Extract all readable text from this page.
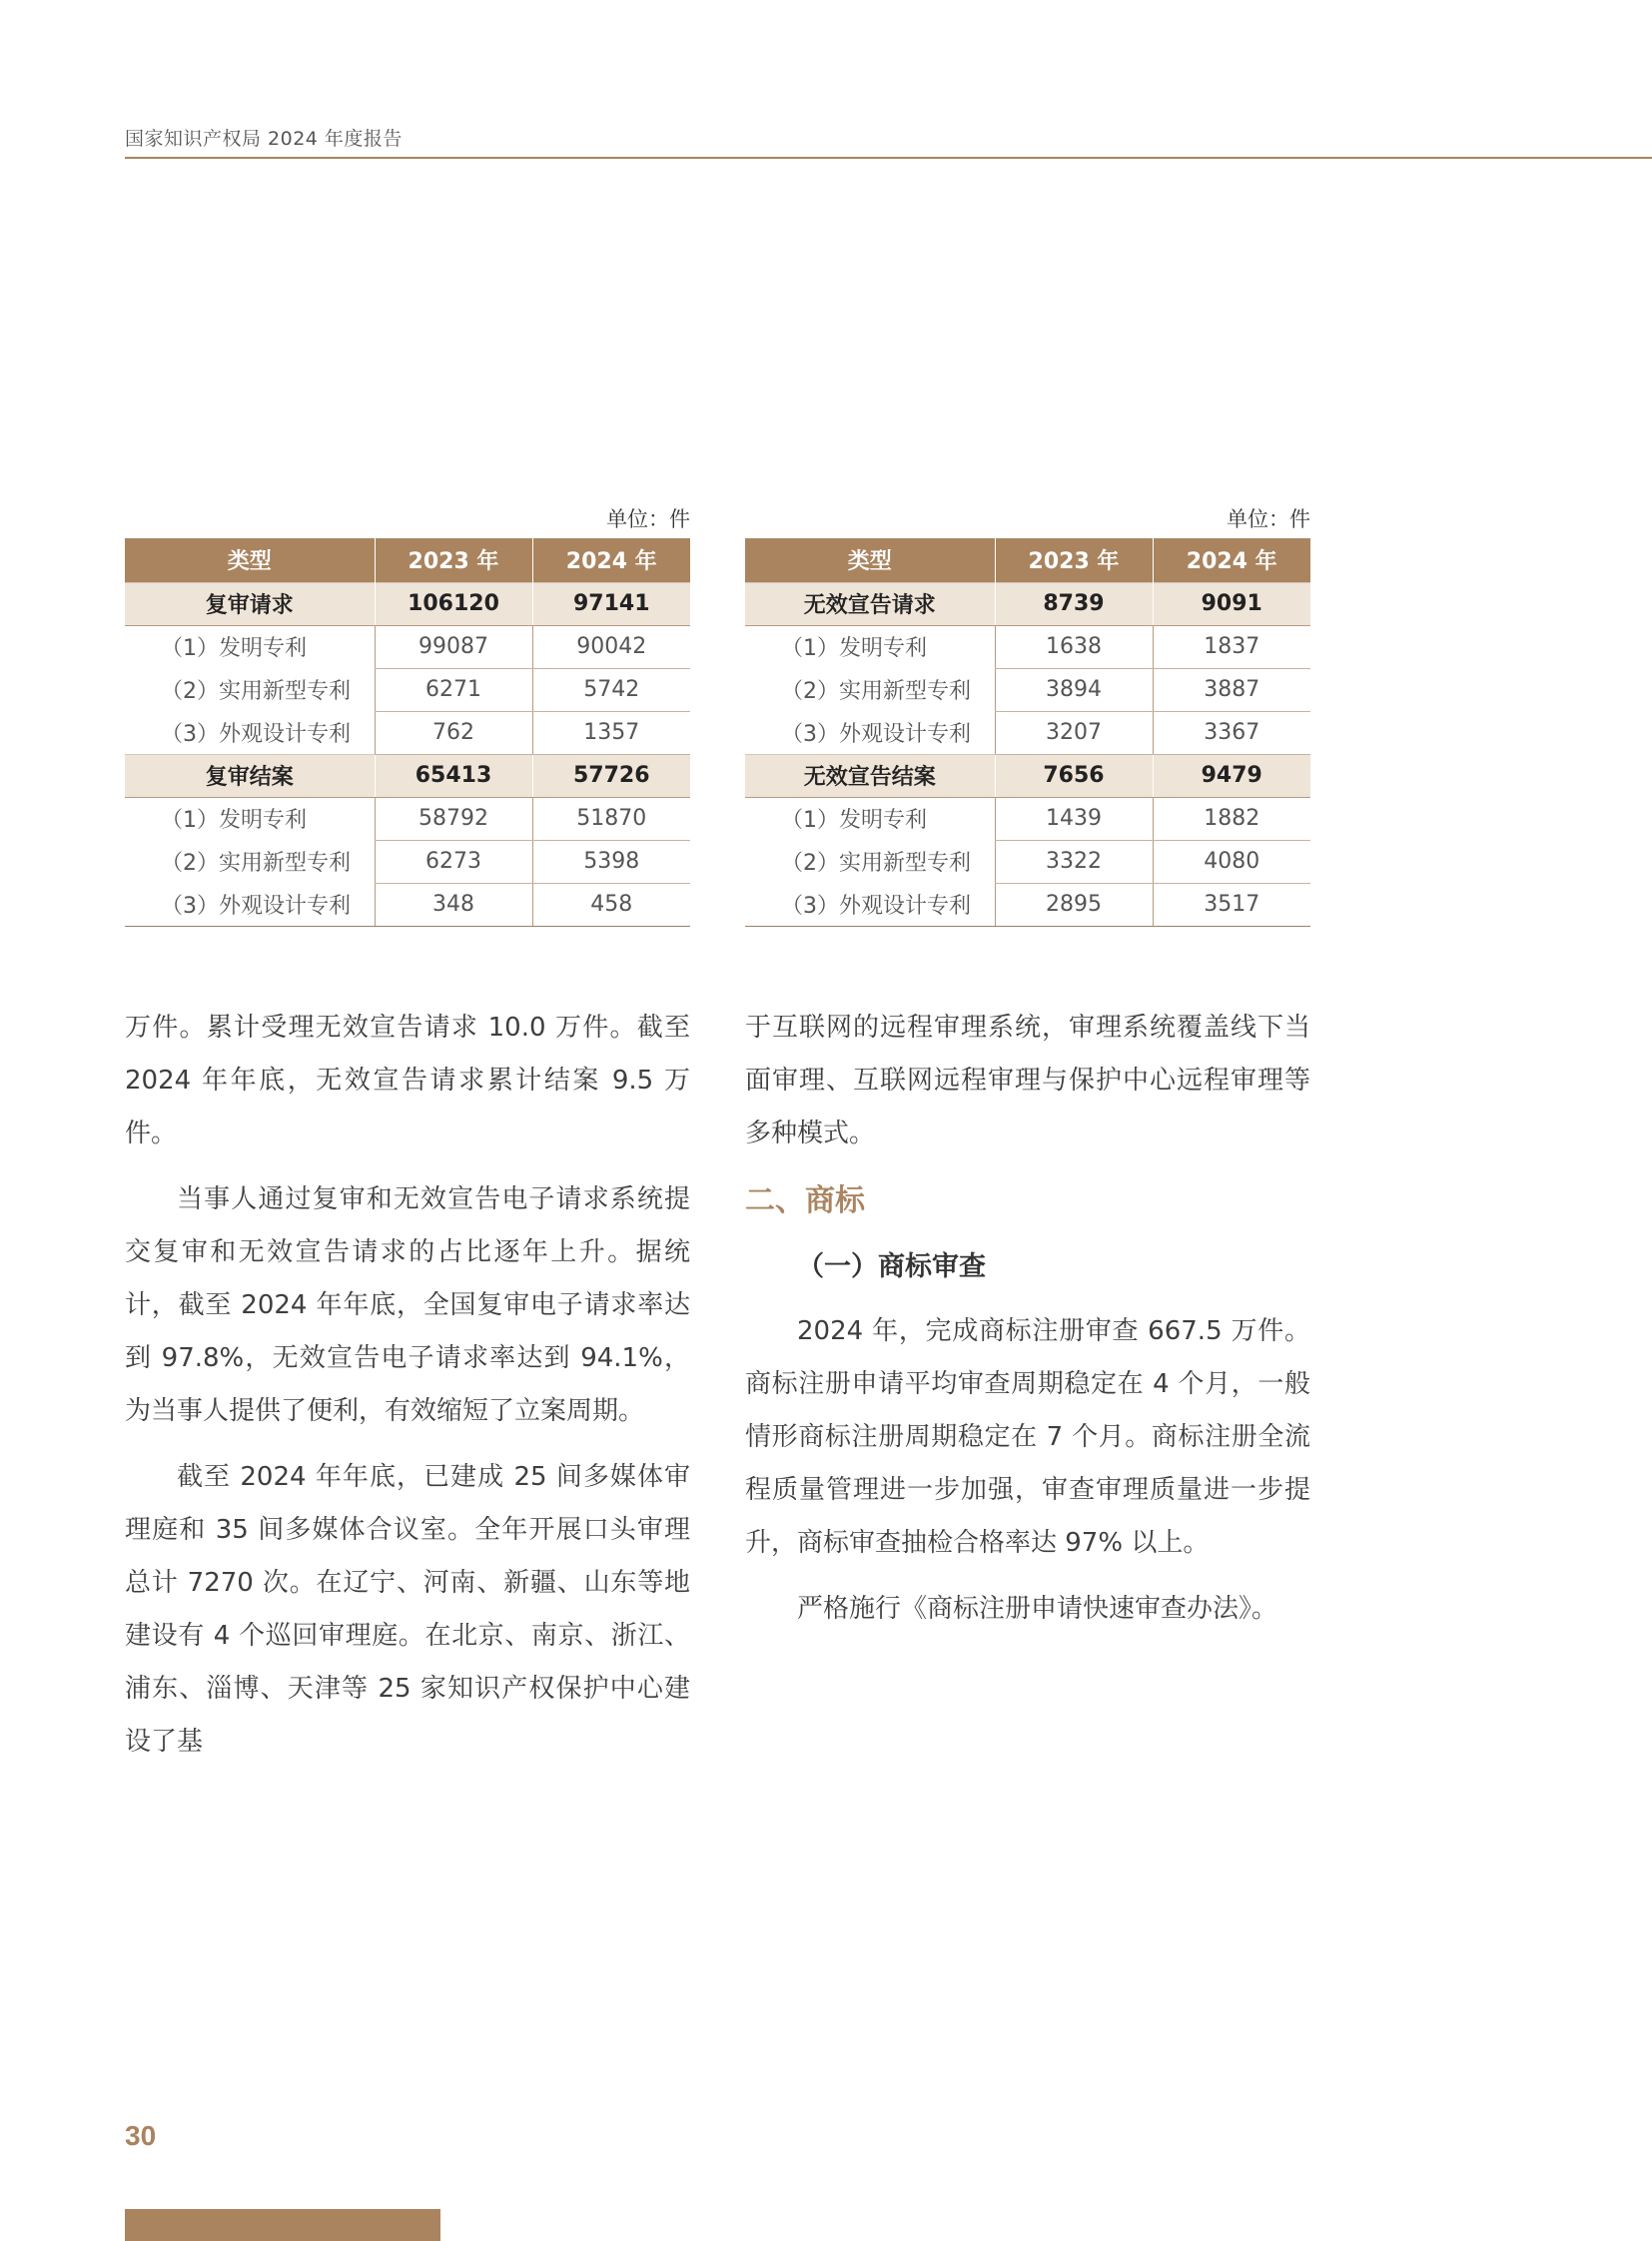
国家知识产权局 2024 年度报告
单位：件
类型	2023 年	2024 年
复审请求	106120	97141
（1）发明专利	99087	90042
（2）实用新型专利	6271	5742
（3）外观设计专利	762	1357
复审结案	65413	57726
（1）发明专利	58792	51870
（2）实用新型专利	6273	5398
（3）外观设计专利	348	458
单位：件
类型	2023 年	2024 年
无效宣告请求	8739	9091
（1）发明专利	1638	1837
（2）实用新型专利	3894	3887
（3）外观设计专利	3207	3367
无效宣告结案	7656	9479
（1）发明专利	1439	1882
（2）实用新型专利	3322	4080
（3）外观设计专利	2895	3517

万件。累计受理无效宣告请求 10.0 万件。截至 2024 年年底，无效宣告请求累计结案 9.5 万件。

当事人通过复审和无效宣告电子请求系统提交复审和无效宣告请求的占比逐年上升。据统计，截至 2024 年年底，全国复审电子请求率达到 97.8%，无效宣告电子请求率达到 94.1%，为当事人提供了便利，有效缩短了立案周期。

截至 2024 年年底，已建成 25 间多媒体审理庭和 35 间多媒体合议室。全年开展口头审理总计 7270 次。在辽宁、河南、新疆、山东等地建设有 4 个巡回审理庭。在北京、南京、浙江、浦东、淄博、天津等 25 家知识产权保护中心建设了基

于互联网的远程审理系统，审理系统覆盖线下当面审理、互联网远程审理与保护中心远程审理等多种模式。

二、商标
（一）商标审查

2024 年，完成商标注册审查 667.5 万件。商标注册申请平均审查周期稳定在 4 个月，一般情形商标注册周期稳定在 7 个月。商标注册全流程质量管理进一步加强，审查审理质量进一步提升，商标审查抽检合格率达 97% 以上。

严格施行《商标注册申请快速审查办法》。

30
